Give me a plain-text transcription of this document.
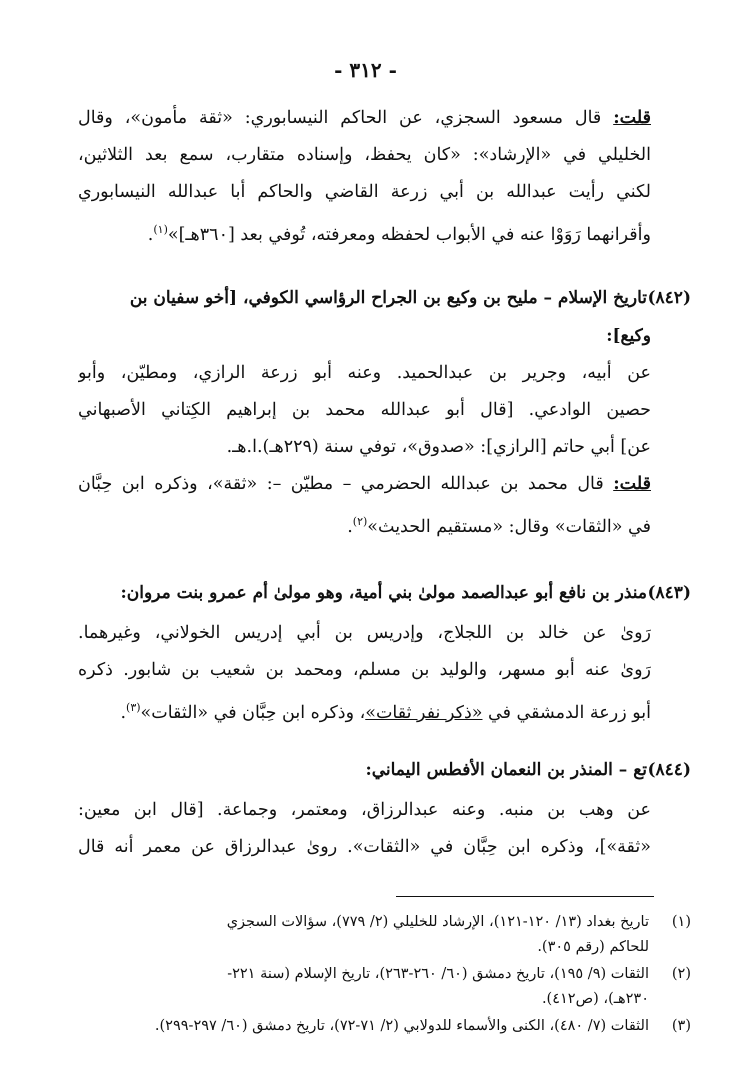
- ٣١٢ -
قلت: قال مسعود السجزي، عن الحاكم النيسابوري: «ثقة مأمون»، وقال
الخليلي في «الإرشاد»: «كان يحفظ، وإسناده متقارب، سمع بعد الثلاثين،
لكني رأيت عبدالله بن أبي زرعة القاضي والحاكم أبا عبدالله النيسابوري
وأقرانهما رَوَوْا عنه في الأبواب لحفظه ومعرفته، تُوفي بعد [٣٦٠هـ]»$^{(١)}$.
(٨٤٢)تاريخ الإسلام – مليح بن وكيع بن الجراح الرؤاسي الكوفي، [أخو سفيان بن
وكيع]:
عن أبيه، وجرير بن عبدالحميد. وعنه أبو زرعة الرازي، ومطيّن، وأبو
حصين الوادعي. [قال أبو عبدالله محمد بن إبراهيم الكِتاني الأصبهاني
عن] أبي حاتم [الرازي]: «صدوق»، توفي سنة (٢٢٩هـ).ا.هـ.
قلت: قال محمد بن عبدالله الحضرمي – مطيّن –: «ثقة»، وذكره ابن حِبَّان
في «الثقات» وقال: «مستقيم الحديث»$^{(٢)}$.
(٨٤٣)منذر بن نافع أبو عبدالصمد مولىٰ بني أمية، وهو مولىٰ أم عمرو بنت مروان:
رَوىٰ عن خالد بن اللجلاج، وإدريس بن أبي إدريس الخولاني، وغيرهما.
رَوىٰ عنه أبو مسهر، والوليد بن مسلم، ومحمد بن شعيب بن شابور. ذكره
أبو زرعة الدمشقي في «ذكر نفر ثقات»، وذكره ابن حِبَّان في «الثقات»$^{(٣)}$.
(٨٤٤)تع – المنذر بن النعمان الأفطس اليماني:
عن وهب بن منبه. وعنه عبدالرزاق، ومعتمر، وجماعة. [قال ابن معين:
«ثقة»]، وذكره ابن حِبَّان في «الثقات». روىٰ عبدالرزاق عن معمر أنه قال
(١)تاريخ بغداد (١٣/ ١٢٠-١٢١)، الإرشاد للخليلي (٢/ ٧٧٩)، سؤالات السجزي
للحاكم (رقم ٣٠٥).
(٢)الثقات (٩/ ١٩٥)، تاريخ دمشق (٦٠/ ٢٦٠-٢٦٣)، تاريخ الإسلام (سنة ٢٢١-
٢٣٠هـ)، (ص٤١٢).
(٣)الثقات (٧/ ٤٨٠)، الكنى والأسماء للدولابي (٢/ ٧١-٧٢)، تاريخ دمشق (٦٠/ ٢٩٧-٢٩٩).
